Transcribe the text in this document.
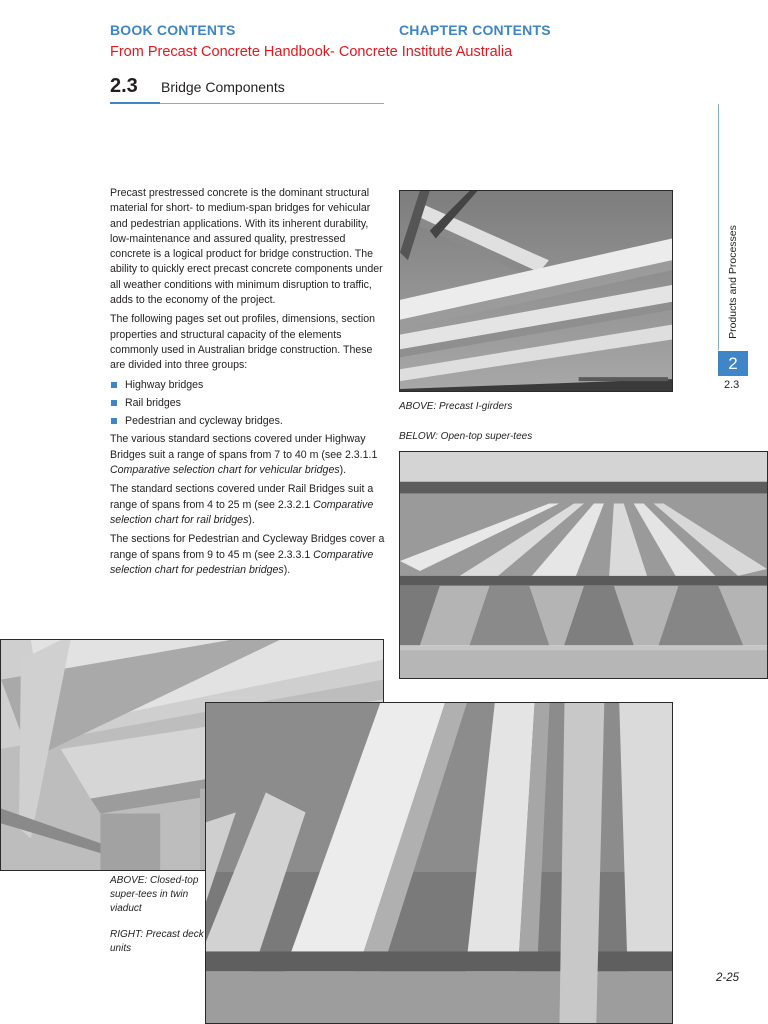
BOOK CONTENTS	CHAPTER CONTENTS
From Precast Concrete Handbook- Concrete Institute Australia
2.3 Bridge Components
Products and Processes
2
2.3

Precast prestressed concrete is the dominant structural material for short- to medium-span bridges for vehicular and pedestrian applications. With its inherent durability, low-maintenance and assured quality, prestressed concrete is a logical product for bridge construction. The ability to quickly erect precast concrete components under all weather conditions with minimum disruption to traffic, adds to the economy of the project.

The following pages set out profiles, dimensions, section properties and structural capacity of the elements commonly used in Australian bridge construction. These are divided into three groups:

Highway bridges
Rail bridges
Pedestrian and cycleway bridges.

The various standard sections covered under Highway Bridges suit a range of spans from 7 to 40 m (see 2.3.1.1 Comparative selection chart for vehicular bridges).

The standard sections covered under Rail Bridges suit a range of spans from 4 to 25 m (see 2.3.2.1 Comparative selection chart for rail bridges).

The sections for Pedestrian and Cycleway Bridges cover a range of spans from 9 to 45 m (see 2.3.3.1 Comparative selection chart for pedestrian bridges).

ABOVE: Precast I-girders
BELOW: Open-top super-tees
ABOVE: Closed-top super-tees in twin viaduct
RIGHT: Precast deck units
2-25
